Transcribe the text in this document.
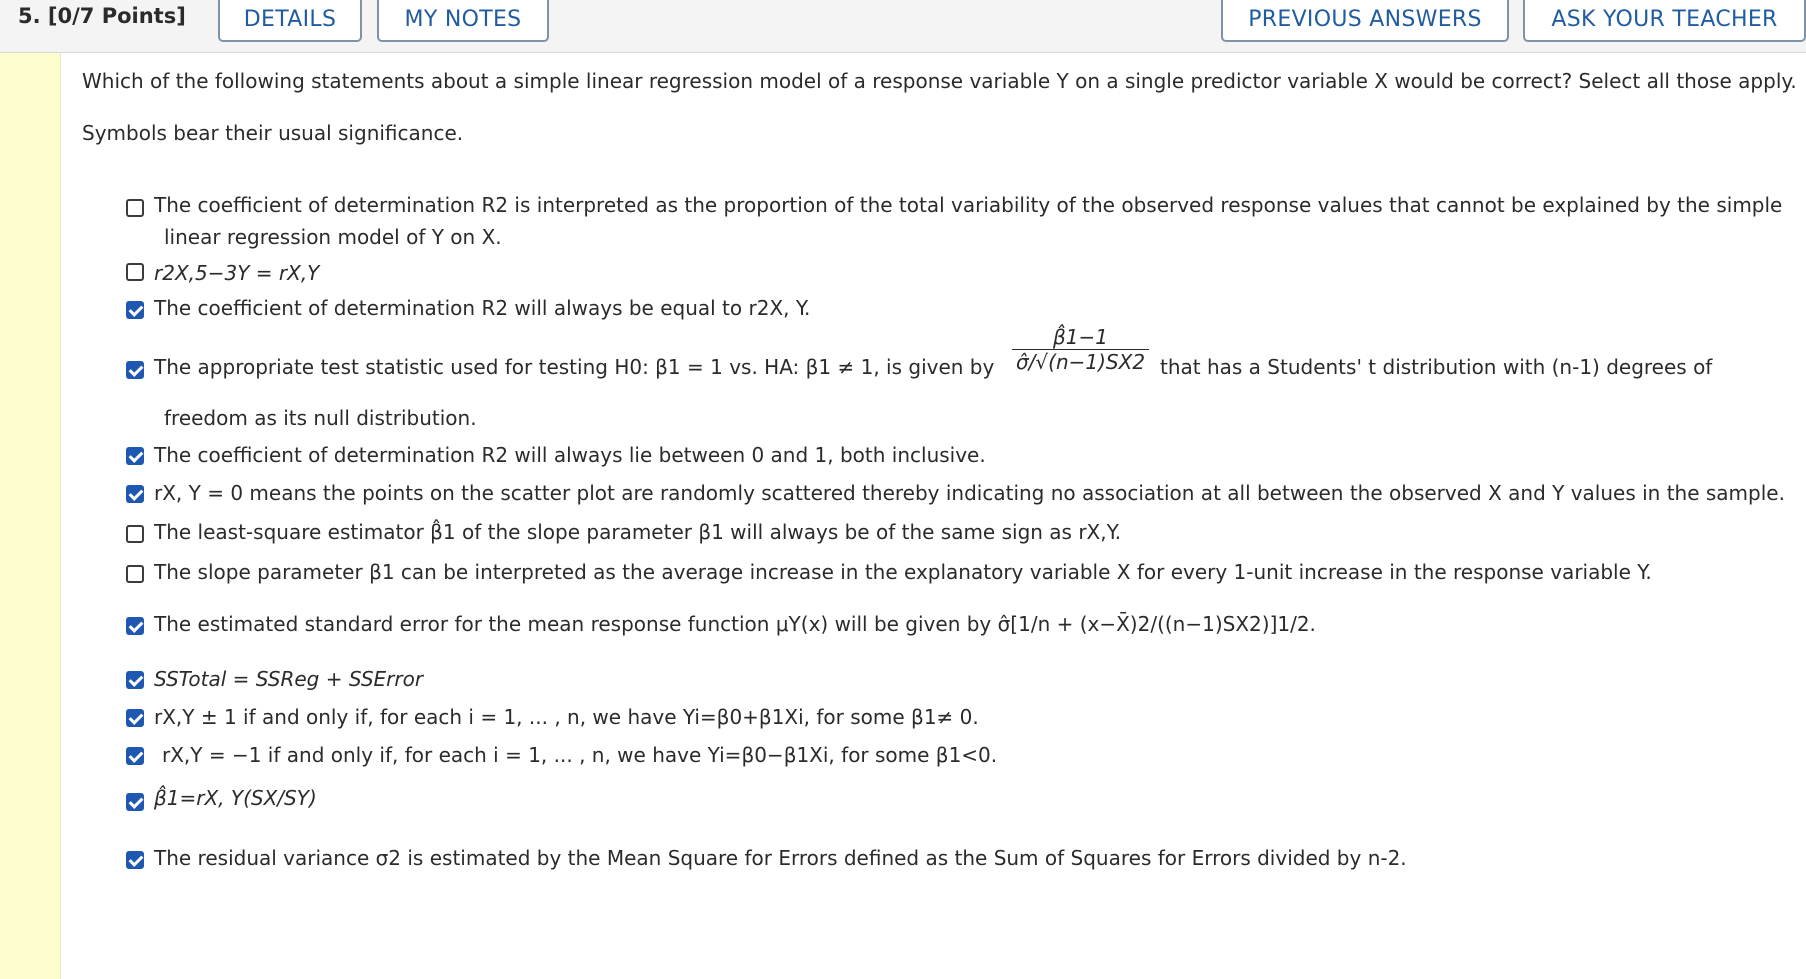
5. [0/7 Points]	DETAILS	MY NOTES	PREVIOUS ANSWERS	ASK YOUR TEACHER
Which of the following statements about a simple linear regression model of a response variable Y on a single predictor variable X would be correct? Select all those apply.
Symbols bear their usual significance.
The coefficient of determination R2 is interpreted as the proportion of the total variability of the observed response values that cannot be explained by the simple
linear regression model of Y on X.
r2X,5−3Y = rX,Y
The coefficient of determination R2 will always be equal to r2X, Y.
The appropriate test statistic used for testing H0: β1 = 1 vs. HA: β1 ≠ 1, is given by $\frac{\betâ1-1}{\sigmâ/√(n-1)SX2}$ that has a Students' t distribution with (n-1) degrees of
freedom as its null distribution.
The coefficient of determination R2 will always lie between 0 and 1, both inclusive.
rX, Y = 0 means the points on the scatter plot are randomly scattered thereby indicating no association at all between the observed X and Y values in the sample.
The least-square estimator β̂1 of the slope parameter β1 will always be of the same sign as rX,Y.
The slope parameter β1 can be interpreted as the average increase in the explanatory variable X for every 1-unit increase in the response variable Y.
The estimated standard error for the mean response function μY(x) will be given by σ̂[1/n + (x−X̄)2/((n−1)SX2)]1/2.
SSTotal = SSReg + SSError
rX,Y ± 1 if and only if, for each i = 1, ... , n, we have Yi=β0+β1Xi, for some β1≠ 0.
rX,Y = −1 if and only if, for each i = 1, ... , n, we have Yi=β0−β1Xi, for some β1<0.
β̂1=rX, Y(SX/SY)
The residual variance σ2 is estimated by the Mean Square for Errors defined as the Sum of Squares for Errors divided by n-2.
